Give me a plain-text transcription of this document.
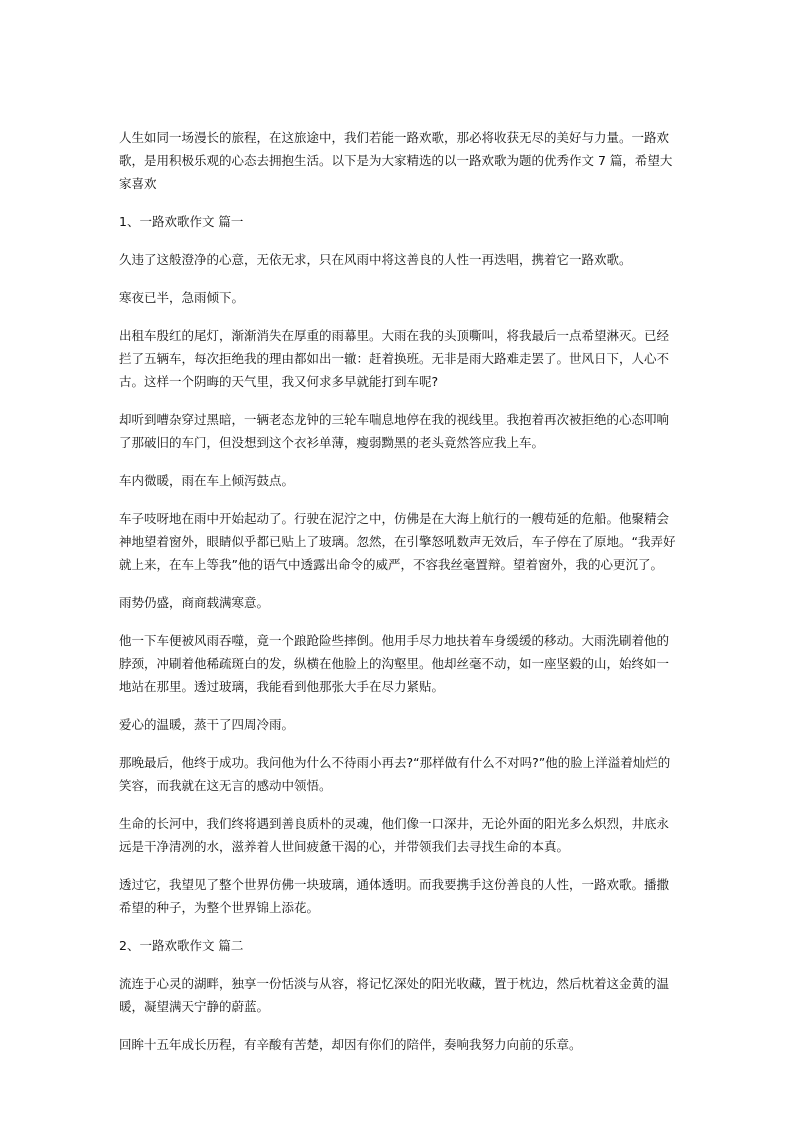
人生如同一场漫长的旅程，在这旅途中，我们若能一路欢歌，那必将收获无尽的美好与力量。一路欢歌，是用积极乐观的心态去拥抱生活。以下是为大家精选的以一路欢歌为题的优秀作文 7 篇，希望大家喜欢

1、一路欢歌作文 篇一

久违了这般澄净的心意，无依无求，只在风雨中将这善良的人性一再迭唱，携着它一路欢歌。

寒夜已半，急雨倾下。

出租车殷红的尾灯，渐渐消失在厚重的雨幕里。大雨在我的头顶嘶叫，将我最后一点希望淋灭。已经拦了五辆车，每次拒绝我的理由都如出一辙：赶着换班。无非是雨大路难走罢了。世风日下，人心不古。这样一个阴晦的天气里，我又何求多早就能打到车呢?

却听到嘈杂穿过黑暗，一辆老态龙钟的三轮车喘息地停在我的视线里。我抱着再次被拒绝的心态叩响了那破旧的车门，但没想到这个衣衫单薄，瘦弱黝黑的老头竟然答应我上车。

车内微暖，雨在车上倾泻鼓点。

车子吱呀地在雨中开始起动了。行驶在泥泞之中，仿佛是在大海上航行的一艘苟延的危船。他聚精会神地望着窗外，眼睛似乎都已贴上了玻璃。忽然，在引擎怒吼数声无效后，车子停在了原地。“我弄好就上来，在车上等我”他的语气中透露出命令的威严，不容我丝毫置辩。望着窗外，我的心更沉了。

雨势仍盛，商商载满寒意。

他一下车便被风雨吞噬，竟一个踉跄险些摔倒。他用手尽力地扶着车身缓缓的移动。大雨洗刷着他的脖颈，冲刷着他稀疏斑白的发，纵横在他脸上的沟壑里。他却丝毫不动，如一座坚毅的山，始终如一地站在那里。透过玻璃，我能看到他那张大手在尽力紧贴。

爱心的温暖，蒸干了四周冷雨。

那晚最后，他终于成功。我问他为什么不待雨小再去?“那样做有什么不对吗?”他的脸上洋溢着灿烂的笑容，而我就在这无言的感动中领悟。

生命的长河中，我们终将遇到善良质朴的灵魂，他们像一口深井，无论外面的阳光多么炽烈，井底永远是干净清冽的水，滋养着人世间疲惫干渴的心，并带领我们去寻找生命的本真。

透过它，我望见了整个世界仿佛一块玻璃，通体透明。而我要携手这份善良的人性，一路欢歌。播撒希望的种子，为整个世界锦上添花。

2、一路欢歌作文 篇二

流连于心灵的湖畔，独享一份恬淡与从容，将记忆深处的阳光收藏，置于枕边，然后枕着这金黄的温暖，凝望满天宁静的蔚蓝。

回眸十五年成长历程，有辛酸有苦楚，却因有你们的陪伴，奏响我努力向前的乐章。
